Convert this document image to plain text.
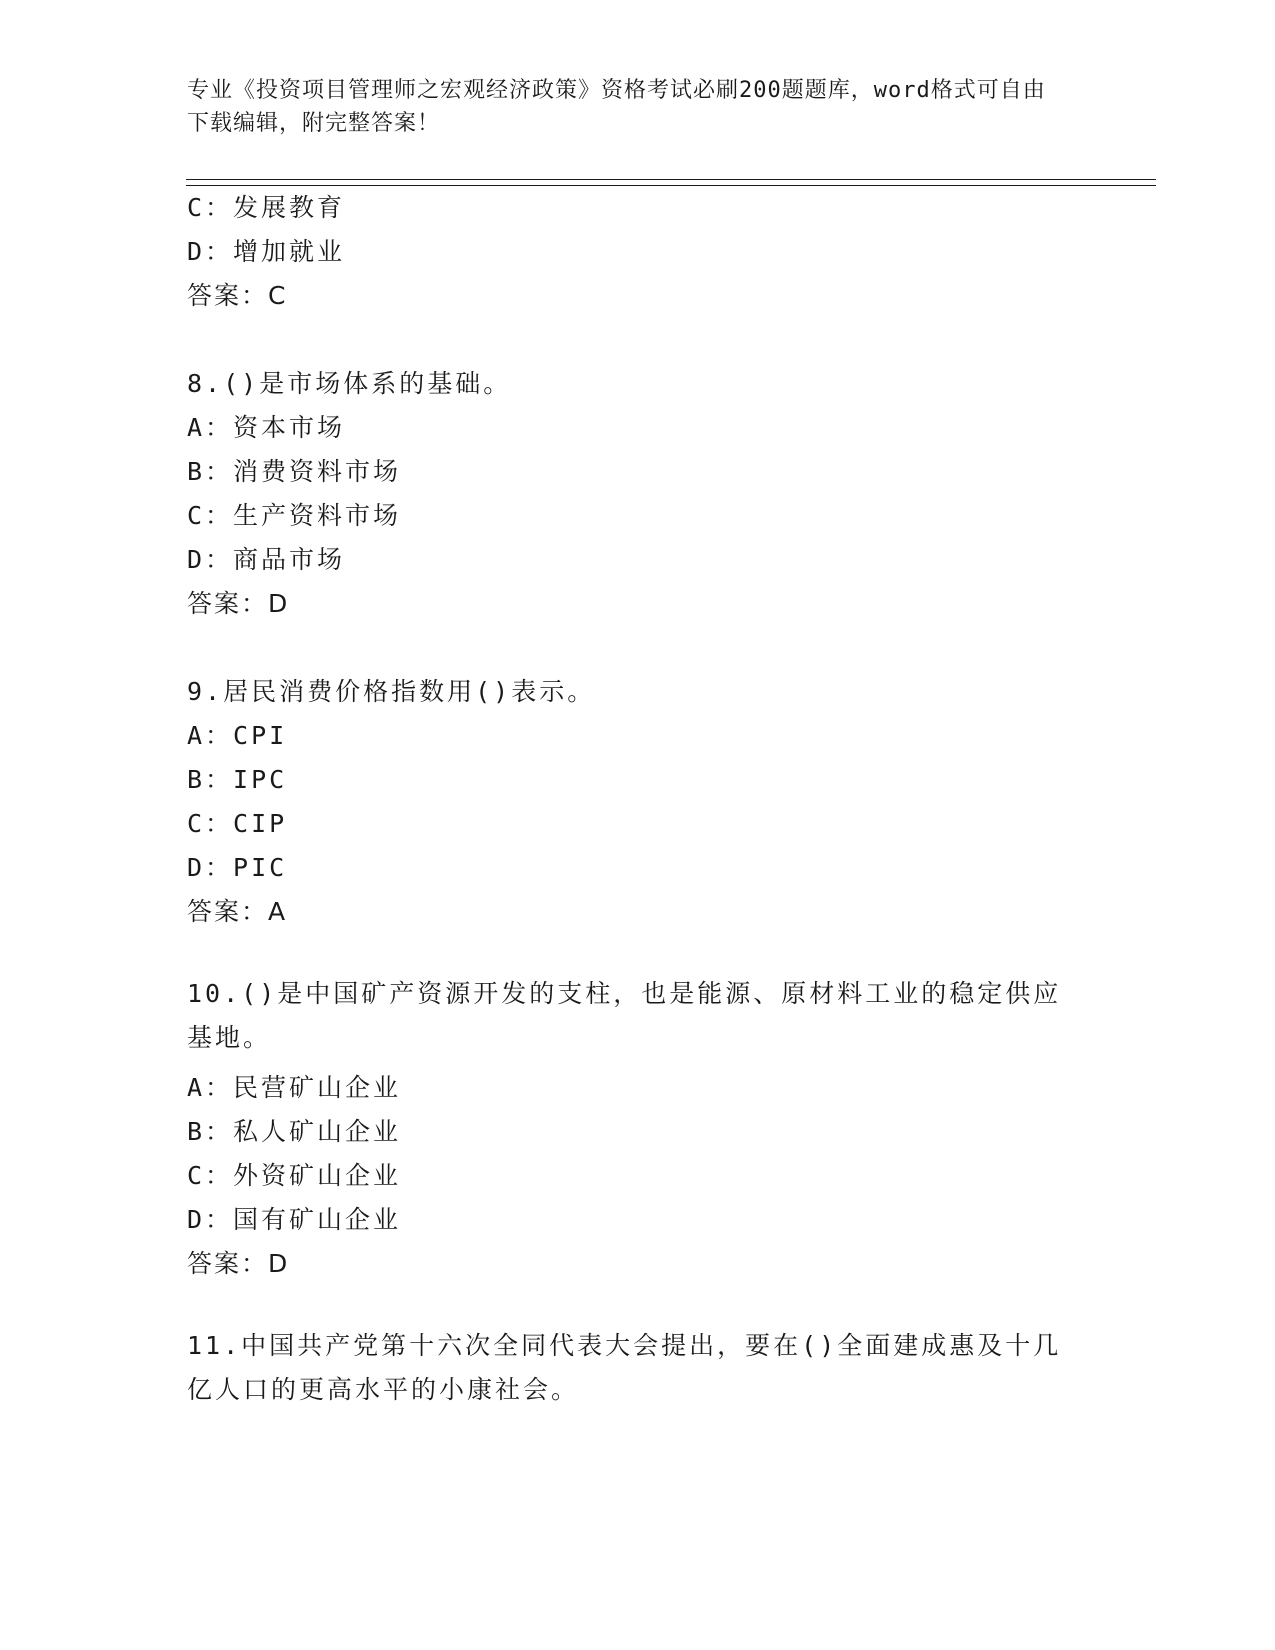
专业《投资项目管理师之宏观经济政策》资格考试必刷200题题库，word格式可自由下载编辑，附完整答案！
C：发展教育
D：增加就业
答案：C
8.()是市场体系的基础。
A：资本市场
B：消费资料市场
C：生产资料市场
D：商品市场
答案：D
9.居民消费价格指数用()表示。
A：CPI
B：IPC
C：CIP
D：PIC
答案：A
10.()是中国矿产资源开发的支柱，也是能源、原材料工业的稳定供应基地。
A：民营矿山企业
B：私人矿山企业
C：外资矿山企业
D：国有矿山企业
答案：D
11.中国共产党第十六次全同代表大会提出，要在()全面建成惠及十几亿人口的更高水平的小康社会。
